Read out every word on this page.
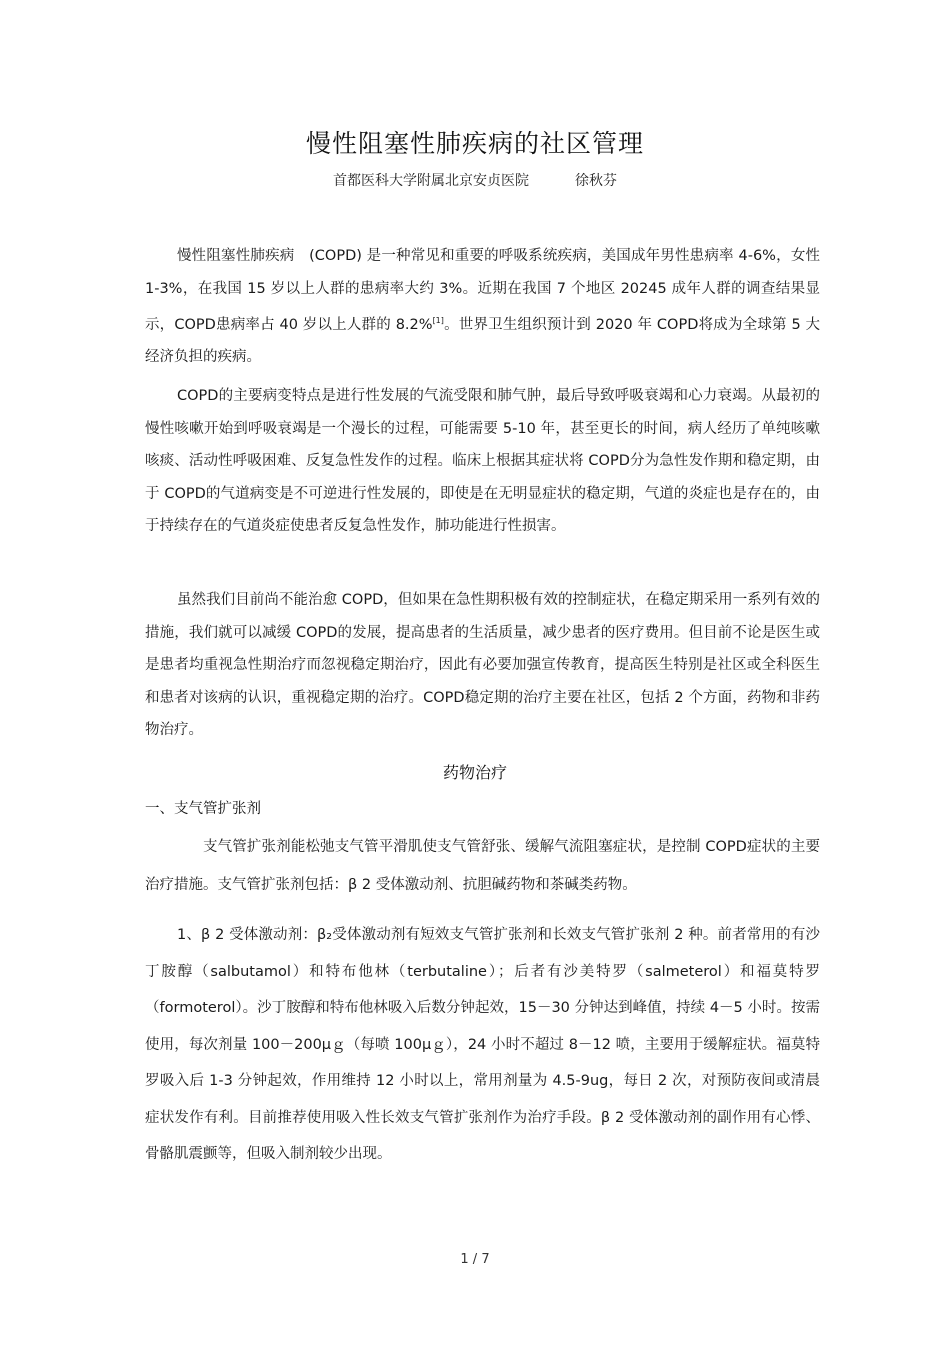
慢性阻塞性肺疾病的社区管理
首都医科大学附属北京安贞医院	徐秋芬

慢性阻塞性肺疾病　(COPD) 是一种常见和重要的呼吸系统疾病，美国成年男性患病率 4-6%，女性 1-3%，在我国 15 岁以上人群的患病率大约 3%。近期在我国 7 个地区 20245 成年人群的调查结果显示，COPD患病率占 40 岁以上人群的 8.2%[1]。世界卫生组织预计到 2020 年 COPD将成为全球第 5 大经济负担的疾病。

COPD的主要病变特点是进行性发展的气流受限和肺气肿，最后导致呼吸衰竭和心力衰竭。从最初的慢性咳嗽开始到呼吸衰竭是一个漫长的过程，可能需要 5-10 年，甚至更长的时间，病人经历了单纯咳嗽咳痰、活动性呼吸困难、反复急性发作的过程。临床上根据其症状将 COPD分为急性发作期和稳定期，由于 COPD的气道病变是不可逆进行性发展的，即使是在无明显症状的稳定期，气道的炎症也是存在的，由于持续存在的气道炎症使患者反复急性发作，肺功能进行性损害。

虽然我们目前尚不能治愈 COPD，但如果在急性期积极有效的控制症状，在稳定期采用一系列有效的措施，我们就可以减缓 COPD的发展，提高患者的生活质量，减少患者的医疗费用。但目前不论是医生或是患者均重视急性期治疗而忽视稳定期治疗，因此有必要加强宣传教育，提高医生特别是社区或全科医生和患者对该病的认识，重视稳定期的治疗。COPD稳定期的治疗主要在社区，包括 2 个方面，药物和非药物治疗。

药物治疗
一、支气管扩张剂

支气管扩张剂能松弛支气管平滑肌使支气管舒张、缓解气流阻塞症状，是控制 COPD症状的主要治疗措施。支气管扩张剂包括：β 2 受体激动剂、抗胆碱药物和茶碱类药物。

1、β 2 受体激动剂：β₂受体激动剂有短效支气管扩张剂和长效支气管扩张剂 2 种。前者常用的有沙丁胺醇（salbutamol）和特布他林（terbutaline）；后者有沙美特罗（salmeterol）和福莫特罗（formoterol）。沙丁胺醇和特布他林吸入后数分钟起效，15－30 分钟达到峰值，持续 4－5 小时。按需使用，每次剂量 100－200μｇ（每喷 100μｇ），24 小时不超过 8－12 喷，主要用于缓解症状。福莫特罗吸入后 1-3 分钟起效，作用维持 12 小时以上，常用剂量为 4.5-9ug，每日 2 次，对预防夜间或清晨症状发作有利。目前推荐使用吸入性长效支气管扩张剂作为治疗手段。β 2 受体激动剂的副作用有心悸、骨骼肌震颤等，但吸入制剂较少出现。

1 / 7
